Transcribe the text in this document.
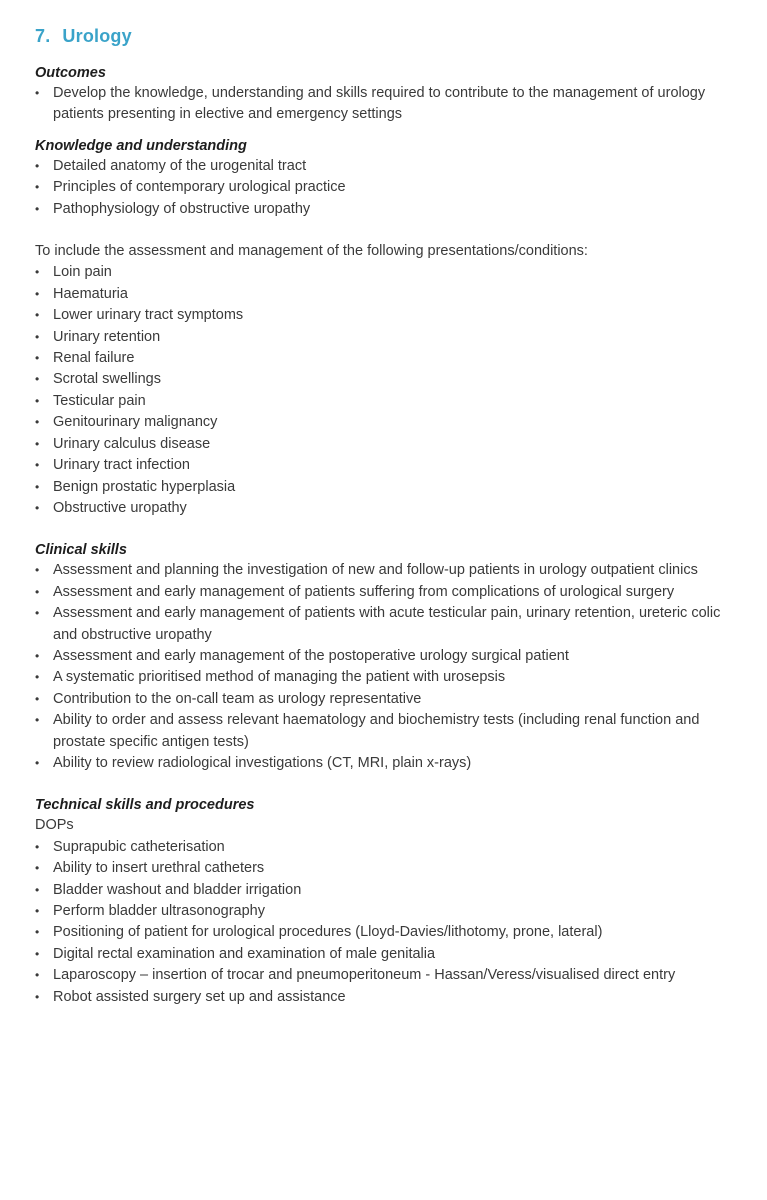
7. Urology
Outcomes
• Develop the knowledge, understanding and skills required to contribute to the management of urology patients presenting in elective and emergency settings
Knowledge and understanding
• Detailed anatomy of the urogenital tract
• Principles of contemporary urological practice
• Pathophysiology of obstructive uropathy

To include the assessment and management of the following presentations/conditions:

• Loin pain
• Haematuria
• Lower urinary tract symptoms
• Urinary retention
• Renal failure
• Scrotal swellings
• Testicular pain
• Genitourinary malignancy
• Urinary calculus disease
• Urinary tract infection
• Benign prostatic hyperplasia
• Obstructive uropathy
Clinical skills
• Assessment and planning the investigation of new and follow-up patients in urology outpatient clinics
• Assessment and early management of patients suffering from complications of urological surgery
• Assessment and early management of patients with acute testicular pain, urinary retention, ureteric colic and obstructive uropathy
• Assessment and early management of the postoperative urology surgical patient
• A systematic prioritised method of managing the patient with urosepsis
• Contribution to the on-call team as urology representative
• Ability to order and assess relevant haematology and biochemistry tests (including renal function and prostate specific antigen tests)
• Ability to review radiological investigations (CT, MRI, plain x-rays)
Technical skills and procedures

DOPs

• Suprapubic catheterisation
• Ability to insert urethral catheters
• Bladder washout and bladder irrigation
• Perform bladder ultrasonography
• Positioning of patient for urological procedures (Lloyd-Davies/lithotomy, prone, lateral)
• Digital rectal examination and examination of male genitalia
• Laparoscopy – insertion of trocar and pneumoperitoneum - Hassan/Veress/visualised direct entry
• Robot assisted surgery set up and assistance
